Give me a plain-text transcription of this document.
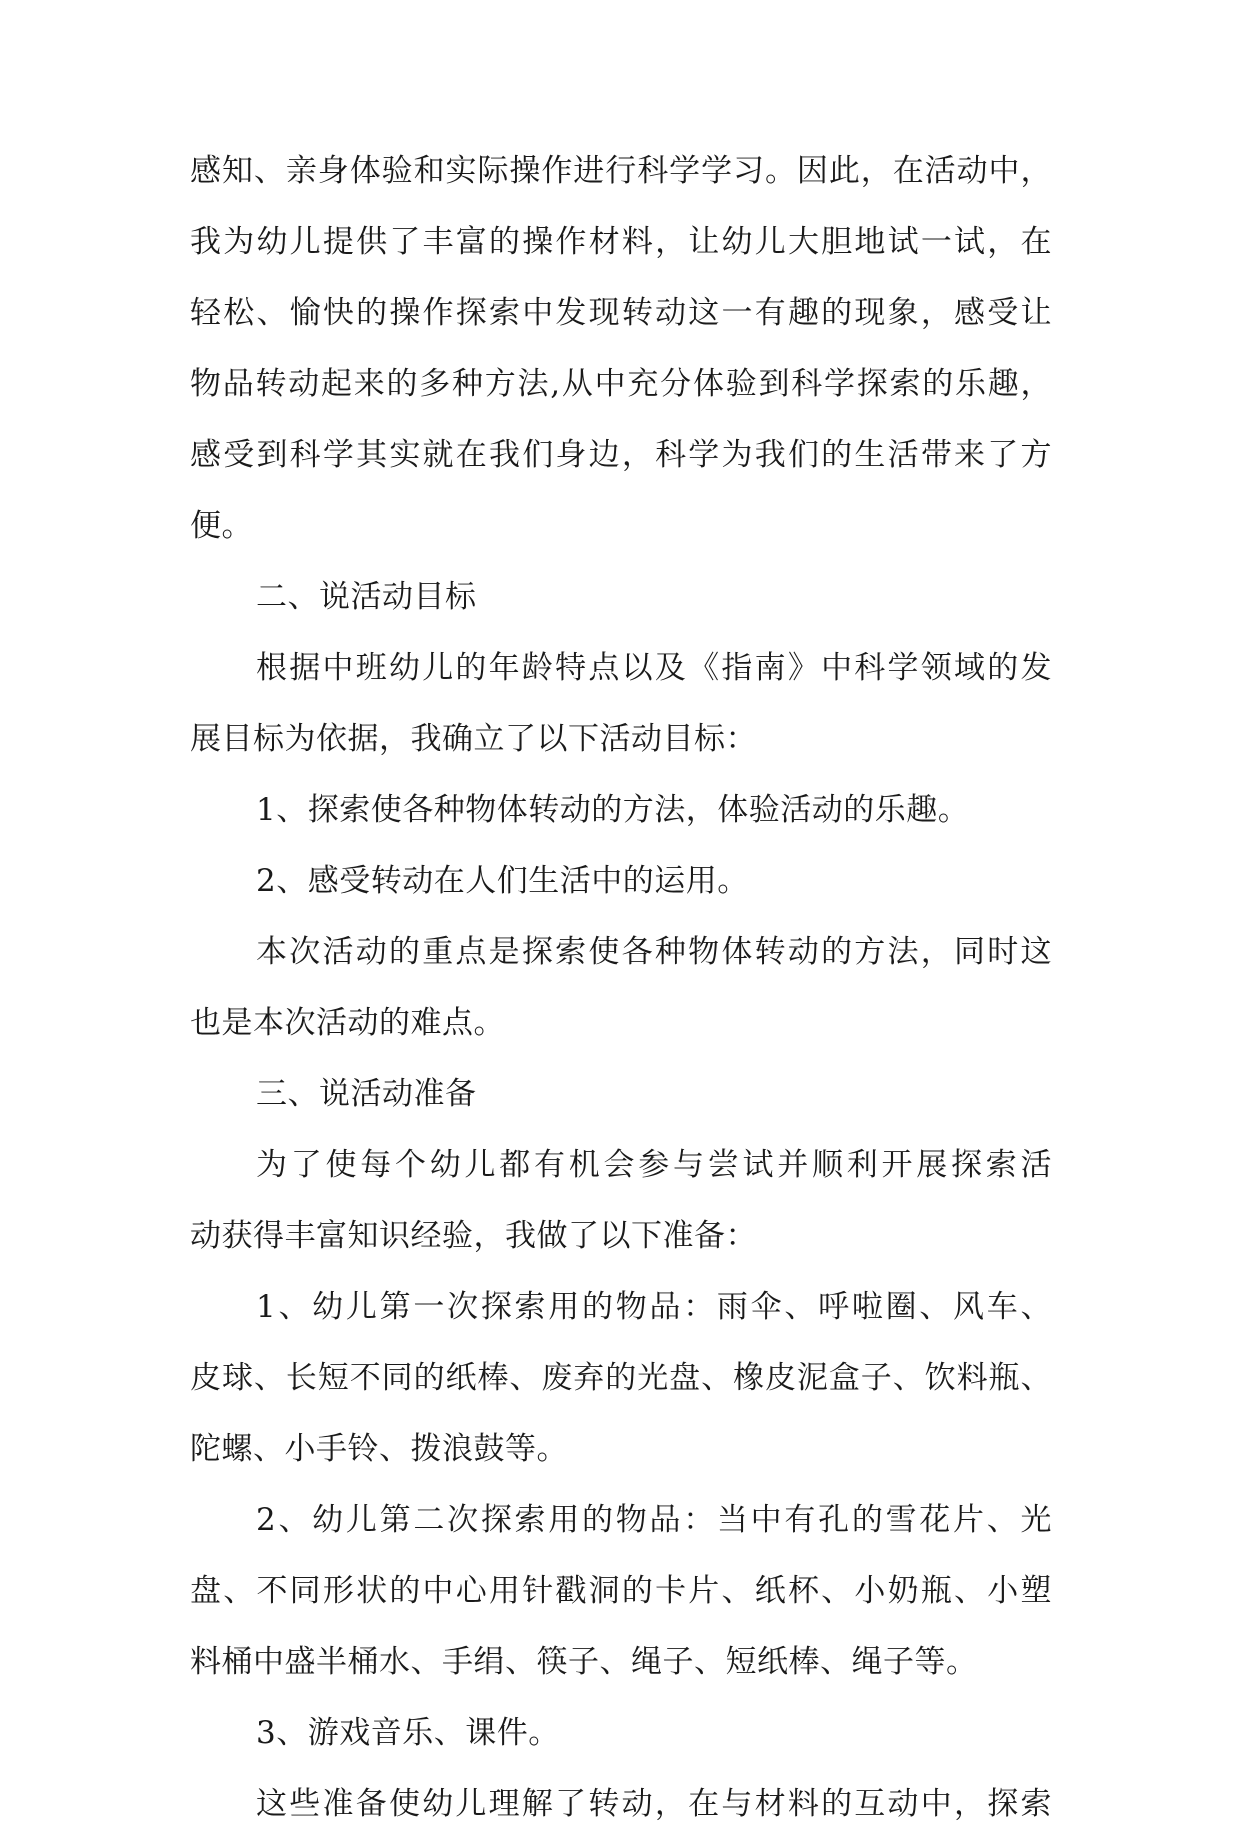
感知、亲身体验和实际操作进行科学学习。因此，在活动中，
我为幼儿提供了丰富的操作材料，让幼儿大胆地试一试，在
轻松、愉快的操作探索中发现转动这一有趣的现象，感受让
物品转动起来的多种方法,从中充分体验到科学探索的乐趣，
感受到科学其实就在我们身边，科学为我们的生活带来了方
便。
二、说活动目标
根据中班幼儿的年龄特点以及《指南》中科学领域的发
展目标为依据，我确立了以下活动目标：
1、探索使各种物体转动的方法，体验活动的乐趣。
2、感受转动在人们生活中的运用。
本次活动的重点是探索使各种物体转动的方法，同时这
也是本次活动的难点。
三、说活动准备
为了使每个幼儿都有机会参与尝试并顺利开展探索活
动获得丰富知识经验，我做了以下准备：
1、幼儿第一次探索用的物品：雨伞、呼啦圈、风车、
皮球、长短不同的纸棒、废弃的光盘、橡皮泥盒子、饮料瓶、
陀螺、小手铃、拨浪鼓等。
2、幼儿第二次探索用的物品：当中有孔的雪花片、光
盘、不同形状的中心用针戳洞的卡片、纸杯、小奶瓶、小塑
料桶中盛半桶水、手绢、筷子、绳子、短纸棒、绳子等。
3、游戏音乐、课件。
这些准备使幼儿理解了转动，在与材料的互动中，探索
